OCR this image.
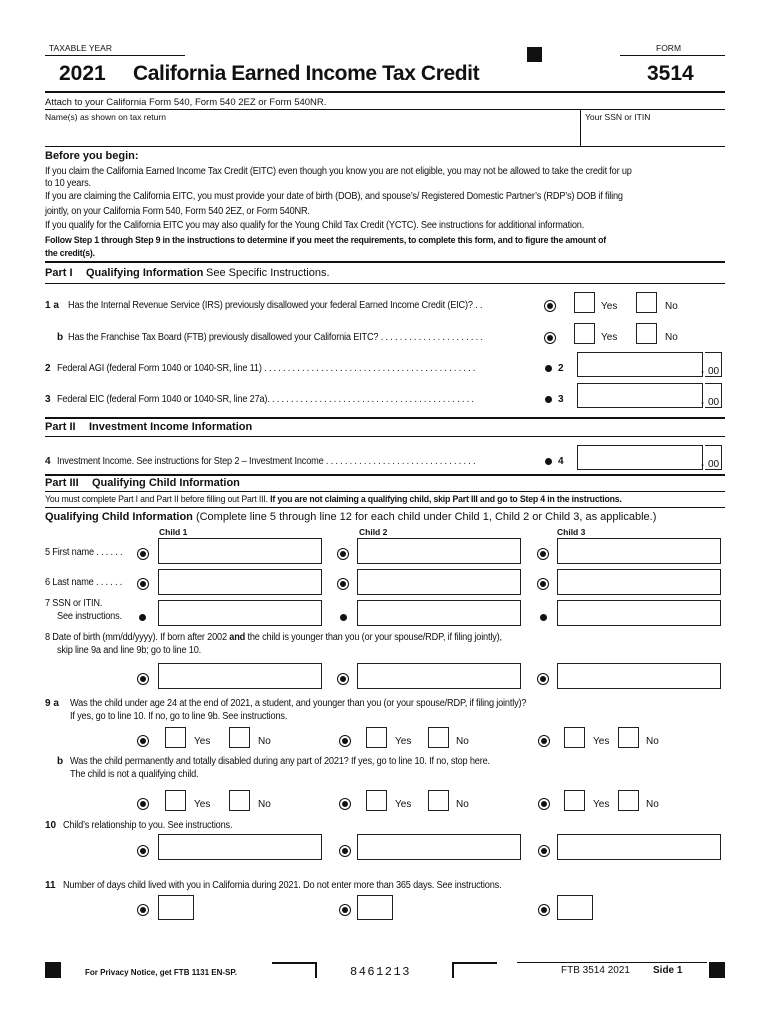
TAXABLE YEAR	FORM
2021 California Earned Income Tax Credit	3514
Attach to your California Form 540, Form 540 2EZ or Form 540NR.
Name(s) as shown on tax return	Your SSN or ITIN
Before you begin:
If you claim the California Earned Income Tax Credit (EITC) even though you know you are not eligible, you may not be allowed to take the credit for up
to 10 years.
If you are claiming the California EITC, you must provide your date of birth (DOB), and spouse’s/ Registered Domestic Partner’s (RDP’s) DOB if filing
jointly, on your California Form 540, Form 540 2EZ, or Form 540NR.
If you qualify for the California EITC you may also qualify for the Young Child Tax Credit (YCTC). See instructions for additional information.
Follow Step 1 through Step 9 in the instructions to determine if you meet the requirements, to complete this form, and to figure the amount of
the credit(s).
Part I Qualifying Information See Specific Instructions.
1 a Has the Internal Revenue Service (IRS) previously disallowed your federal Earned Income Credit (EIC)? . .	Yes	No
b Has the Franchise Tax Board (FTB) previously disallowed your California EITC? . . . . . . . . . . . . . . . . . . . . . .	Yes	No
2 Federal AGI (federal Form 1040 or 1040-SR, line 11) . . . . . . . . . . . . . . . . . . . . . . . . . . . . . . . . . . . . . . . . . . . . .	2	. 00
3 Federal EIC (federal Form 1040 or 1040-SR, line 27a). . . . . . . . . . . . . . . . . . . . . . . . . . . . . . . . . . . . . . . . . . . .	3	. 00
Part II Investment Income Information
4 Investment Income. See instructions for Step 2 – Investment Income . . . . . . . . . . . . . . . . . . . . . . . . . . . . . . . .	4	. 00
Part III Qualifying Child Information
You must complete Part I and Part II before filling out Part III. If you are not claiming a qualifying child, skip Part III and go to Step 4 in the instructions.
Qualifying Child Information (Complete line 5 through line 12 for each child under Child 1, Child 2 or Child 3, as applicable.)
Child 1	Child 2	Child 3
5 First name . . . . . .
6 Last name . . . . . .
7 SSN or ITIN.
See instructions.
8 Date of birth (mm/dd/yyyy). If born after 2002 and the child is younger than you (or your spouse/RDP, if filing jointly),
skip line 9a and line 9b; go to line 10.
9 a Was the child under age 24 at the end of 2021, a student, and younger than you (or your spouse/RDP, if filing jointly)?
If yes, go to line 10. If no, go to line 9b. See instructions.
Yes	No	Yes	No	Yes	No
b Was the child permanently and totally disabled during any part of 2021? If yes, go to line 10. If no, stop here.
The child is not a qualifying child.
Yes	No	Yes	No	Yes	No
10 Child’s relationship to you. See instructions.
11 Number of days child lived with you in California during 2021. Do not enter more than 365 days. See instructions.
For Privacy Notice, get FTB 1131 EN-SP.	8461213	FTB 3514 2021 Side 1
